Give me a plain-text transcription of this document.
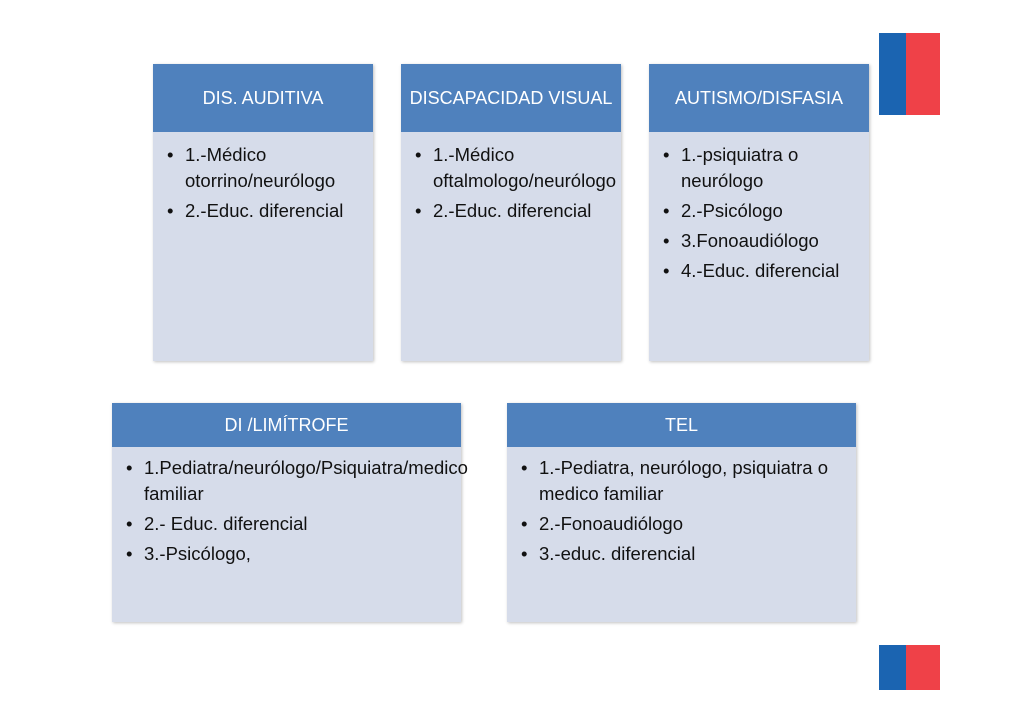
DIS. AUDITIVA
• 1.-Médico otorrino/neurólogo
• 2.-Educ. diferencial
DISCAPACIDAD VISUAL
• 1.-Médico oftalmologo/neurólogo
• 2.-Educ. diferencial
AUTISMO/DISFASIA
• 1.-psiquiatra o neurólogo
• 2.-Psicólogo
• 3.Fonoaudiólogo
• 4.-Educ. diferencial
DI /LIMÍTROFE
• 1.Pediatra/neurólogo/Psiquiatra/medico familiar
• 2.- Educ. diferencial
• 3.-Psicólogo,
TEL
• 1.-Pediatra, neurólogo, psiquiatra o medico familiar
• 2.-Fonoaudiólogo
• 3.-educ. diferencial
